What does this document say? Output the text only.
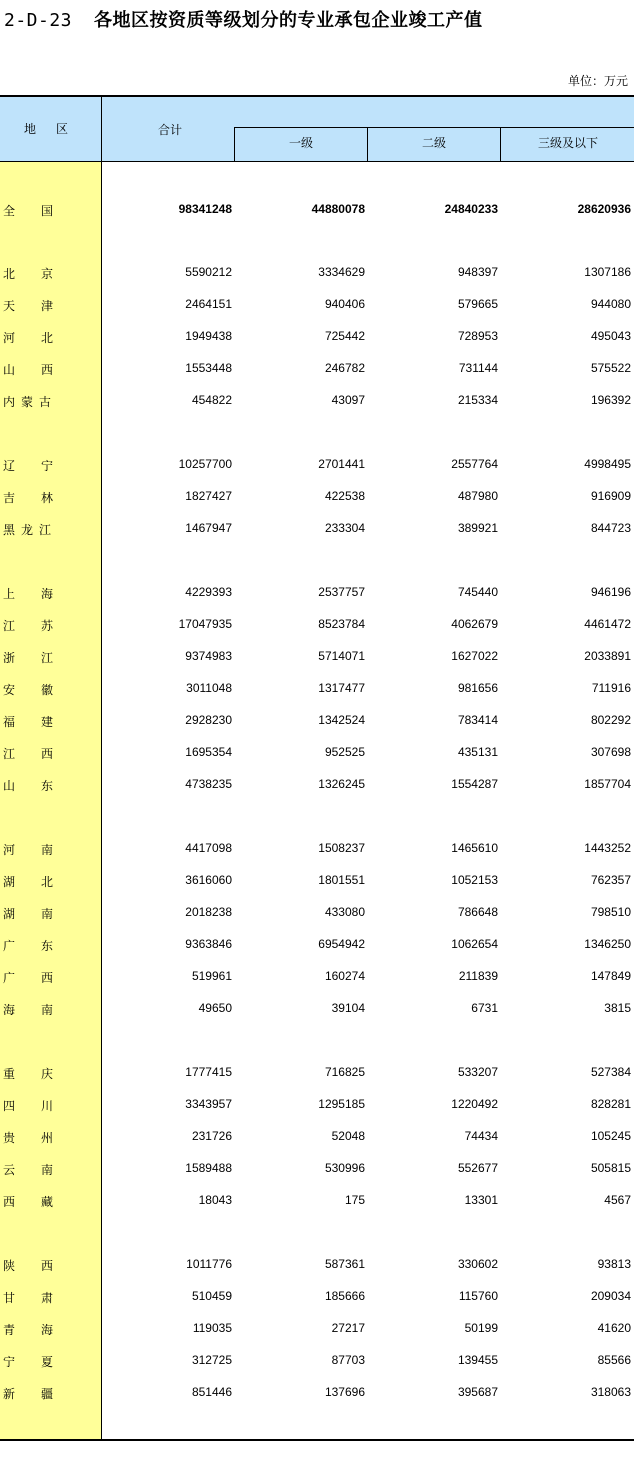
2-D-23 各地区按资质等级划分的专业承包企业竣工产值
单位：万元
地区	合计
一级	二级	三级及以下
全国	98341248	44880078	24840233	28620936
北京	5590212	3334629	948397	1307186
天津	2464151	940406	579665	944080
河北	1949438	725442	728953	495043
山西	1553448	246782	731144	575522
内蒙古	454822	43097	215334	196392
辽宁	10257700	2701441	2557764	4998495
吉林	1827427	422538	487980	916909
黑龙江	1467947	233304	389921	844723
上海	4229393	2537757	745440	946196
江苏	17047935	8523784	4062679	4461472
浙江	9374983	5714071	1627022	2033891
安徽	3011048	1317477	981656	711916
福建	2928230	1342524	783414	802292
江西	1695354	952525	435131	307698
山东	4738235	1326245	1554287	1857704
河南	4417098	1508237	1465610	1443252
湖北	3616060	1801551	1052153	762357
湖南	2018238	433080	786648	798510
广东	9363846	6954942	1062654	1346250
广西	519961	160274	211839	147849
海南	49650	39104	6731	3815
重庆	1777415	716825	533207	527384
四川	3343957	1295185	1220492	828281
贵州	231726	52048	74434	105245
云南	1589488	530996	552677	505815
西藏	18043	175	13301	4567
陕西	1011776	587361	330602	93813
甘肃	510459	185666	115760	209034
青海	119035	27217	50199	41620
宁夏	312725	87703	139455	85566
新疆	851446	137696	395687	318063
